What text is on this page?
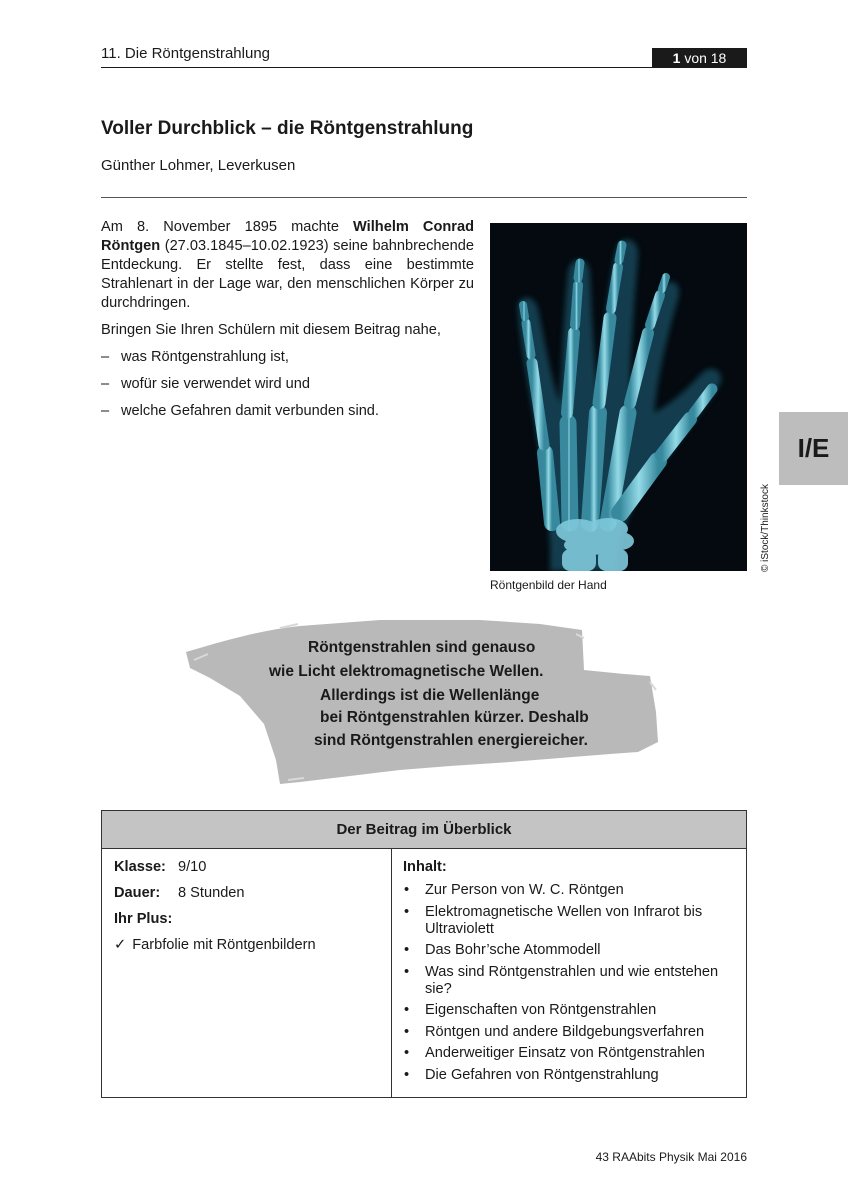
11. Die Röntgenstrahlung	1 von 18
Voller Durchblick – die Röntgenstrahlung
Günther Lohmer, Leverkusen

Am 8. November 1895 machte Wilhelm Conrad Röntgen (27.03.1845–10.02.1923) seine bahnbrechende Entdeckung. Er stellte fest, dass eine bestimmte Strahlenart in der Lage war, den menschlichen Körper zu durchdringen.

Bringen Sie Ihren Schülern mit diesem Beitrag nahe,

– was Röntgenstrahlung ist,
– wofür sie verwendet wird und
– welche Gefahren damit verbunden sind.
© iStock/Thinkstock
Röntgenbild der Hand
I/E
Röntgenstrahlen sind genauso
wie Licht elektromagnetische Wellen.
Allerdings ist die Wellenlänge
bei Röntgenstrahlen kürzer. Deshalb
sind Röntgenstrahlen energiereicher.
Der Beitrag im Überblick
Klasse: 9/10
Dauer: 8 Stunden
Ihr Plus:
✓ Farbfolie mit Röntgenbildern
Inhalt:
• Zur Person von W. C. Röntgen
• Elektromagnetische Wellen von Infrarot bis Ultraviolett
• Das Bohr’sche Atommodell
• Was sind Röntgenstrahlen und wie entstehen sie?
• Eigenschaften von Röntgenstrahlen
• Röntgen und andere Bildgebungsverfahren
• Anderweitiger Einsatz von Röntgenstrahlen
• Die Gefahren von Röntgenstrahlung
43 RAAbits Physik Mai 2016
